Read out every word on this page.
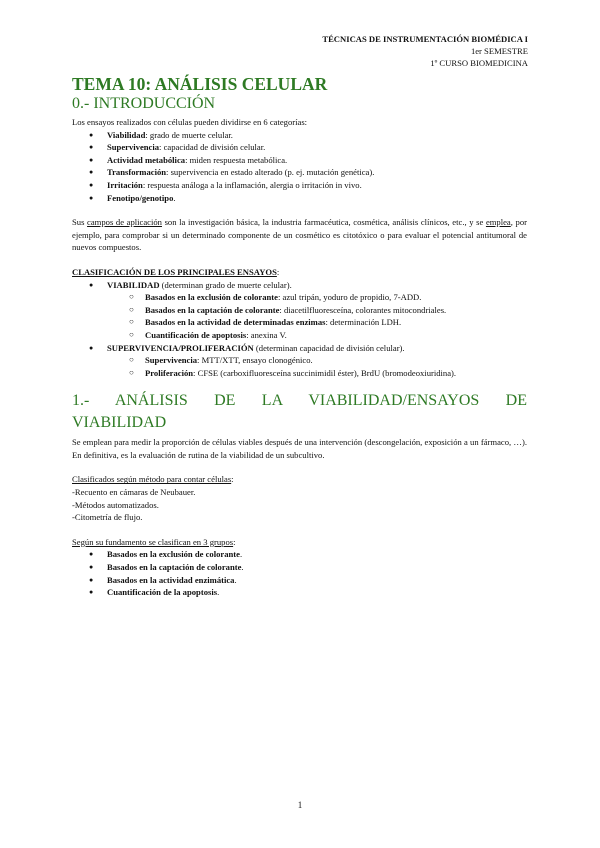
TÉCNICAS DE INSTRUMENTACIÓN BIOMÉDICA I
1er SEMESTRE
1º CURSO BIOMEDICINA
TEMA 10: ANÁLISIS CELULAR
0.- INTRODUCCIÓN

Los ensayos realizados con células pueden dividirse en 6 categorías:

● Viabilidad: grado de muerte celular.
● Supervivencia: capacidad de división celular.
● Actividad metabólica: miden respuesta metabólica.
● Transformación: supervivencia en estado alterado (p. ej. mutación genética).
● Irritación: respuesta análoga a la inflamación, alergia o irritación in vivo.
● Fenotipo/genotipo.

Sus campos de aplicación son la investigación básica, la industria farmacéutica, cosmética, análisis clínicos, etc., y se emplea, por ejemplo, para comprobar si un determinado componente de un cosmético es citotóxico o para evaluar el potencial antitumoral de nuevos compuestos.

CLASIFICACIÓN DE LOS PRINCIPALES ENSAYOS:

● VIABILIDAD (determinan grado de muerte celular).
○ Basados en la exclusión de colorante: azul tripán, yoduro de propidio, 7-ADD.
○ Basados en la captación de colorante: diacetilfluoresceína, colorantes mitocondriales.
○ Basados en la actividad de determinadas enzimas: determinación LDH.
○ Cuantificación de apoptosis: anexina V.
● SUPERVIVENCIA/PROLIFERACIÓN (determinan capacidad de división celular).
○ Supervivencia: MTT/XTT, ensayo clonogénico.
○ Proliferación: CFSE (carboxifluoresceína succinimidil éster), BrdU (bromodeoxiuridina).
1.- ANÁLISIS DE LA VIABILIDAD/ENSAYOS DE
VIABILIDAD

Se emplean para medir la proporción de células viables después de una intervención (descongelación, exposición a un fármaco, …). En definitiva, es la evaluación de rutina de la viabilidad de un subcultivo.

Clasificados según método para contar células:

-Recuento en cámaras de Neubauer.

-Métodos automatizados.

-Citometría de flujo.

Según su fundamento se clasifican en 3 grupos:

● Basados en la exclusión de colorante.
● Basados en la captación de colorante.
● Basados en la actividad enzimática.
● Cuantificación de la apoptosis.
1
